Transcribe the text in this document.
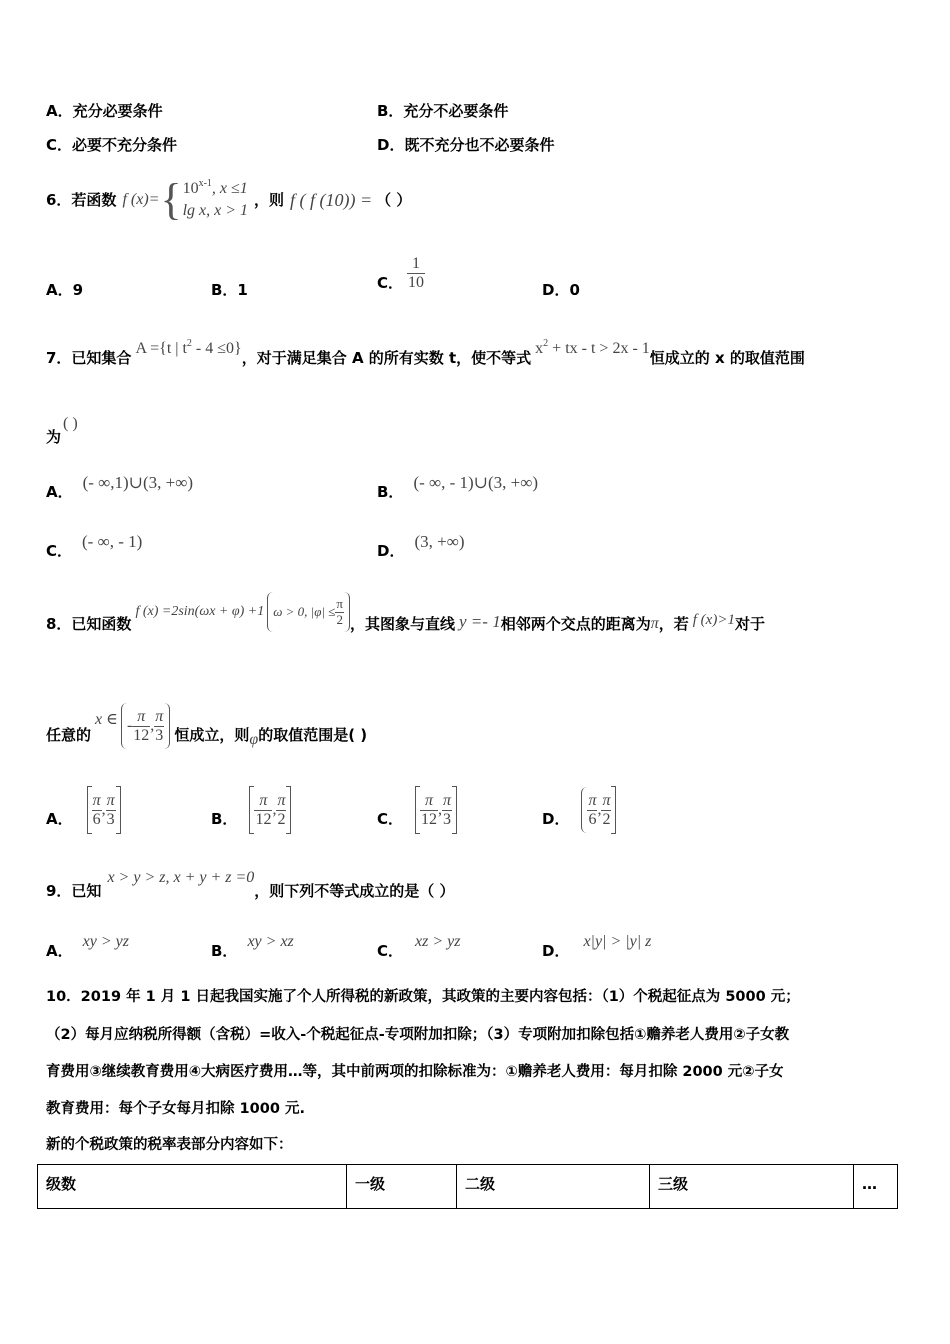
A．充分必要条件	B．充分不必要条件
C．必要不充分条件	D．既不充分也不必要条件
6．若函数 f (x)= { 10$^{x-1}$, x ≤1
lg x, x > 1
，则 f ( f (10)) = （ ）
A．9	B．1	C． $\frac{1}{10}$	D．0
7．已知集合
A ={t | $t^2 - 4 \le 0$}
，对于满足集合 A 的所有实数 t，使不等式
$x^2$ + tx - t > 2x - 1
恒成立的 x 的取值范围
为
( )
A． (- ∞,1)∪(3, +∞)	B． (- ∞, - 1)∪(3, +∞)
C． (- ∞, - 1)	D． (3, +∞)
8．已知函数
f (x) =2sin(ωx + φ) +1 ω > 0, $|\varphi| \le \frac{\pi}{2}$ ，其图象与直线 y =- 1 相邻两个交点的距离为 π ，若 f (x)>1 对于
任意的
x ∈ - $\frac{\pi}{12}$ , $\frac{\pi}{3}$ 恒成立，则 φ 的取值范围是( )
A． $\frac{\pi}{6}$ , $\frac{\pi}{3}$	B． $\frac{\pi}{12}$ , $\frac{\pi}{2}$	C． $\frac{\pi}{12}$ , $\frac{\pi}{3}$	D． $\frac{\pi}{6}$ , $\frac{\pi}{2}$
9．已知
x > y > z, x + y + z =0
，则下列不等式成立的是（ ）
A．
xy > yz
B．
xy > xz
C．
xz > yz
D．
x|y| > |y| z
10．2019 年 1 月 1 日起我国实施了个人所得税的新政策，其政策的主要内容包括：（1）个税起征点为 5000 元；
（2）每月应纳税所得额（含税）=收入-个税起征点-专项附加扣除；（3）专项附加扣除包括①赡养老人费用②子女教
育费用③继续教育费用④大病医疗费用…等，其中前两项的扣除标准为：①赡养老人费用：每月扣除 2000 元②子女
教育费用：每个子女每月扣除 1000 元.
新的个税政策的税率表部分内容如下：
级数	一级	二级	三级	…
